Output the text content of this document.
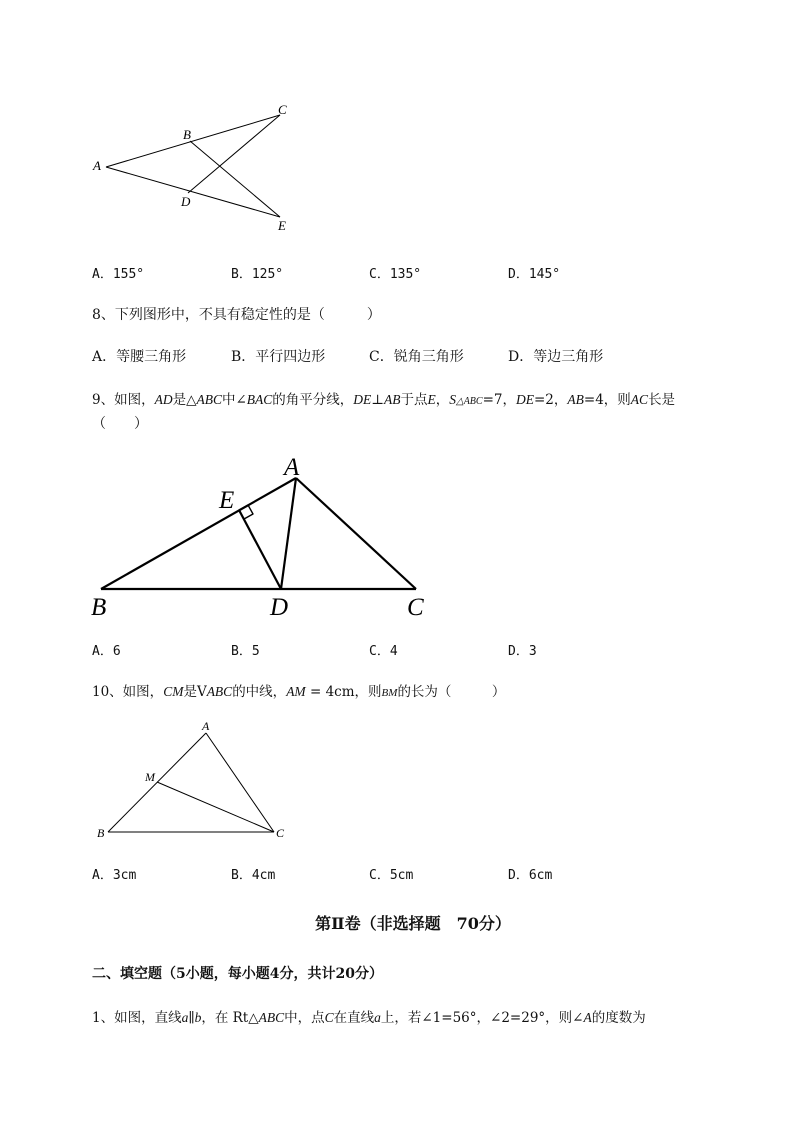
A
B
C
D
E
A．155°	B．125°	C．135°	D．145°
8、下列图形中，不具有稳定性的是（　　　）
A．等腰三角形	B．平行四边形	C．锐角三角形	D．等边三角形
9、如图，AD是△ABC中∠BAC的角平分线，DE⊥AB于点E，S△ABC=7，DE=2，AB=4，则AC长是
（　　）
A
E
B	D	C
A．6	B．5	C．4	D．3
10、如图，CM是VABC的中线，AM = 4cm，则BM的长为（　　　）
A
M
B	C
A．3cm	B．4cm	C．5cm	D．6cm
第Ⅱ卷（非选择题　70分）
二、填空题（5小题，每小题4分，共计20分）
1、如图，直线a∥b，在 Rt△ABC中，点C在直线a上，若∠1=56°，∠2=29°，则∠A的度数为
